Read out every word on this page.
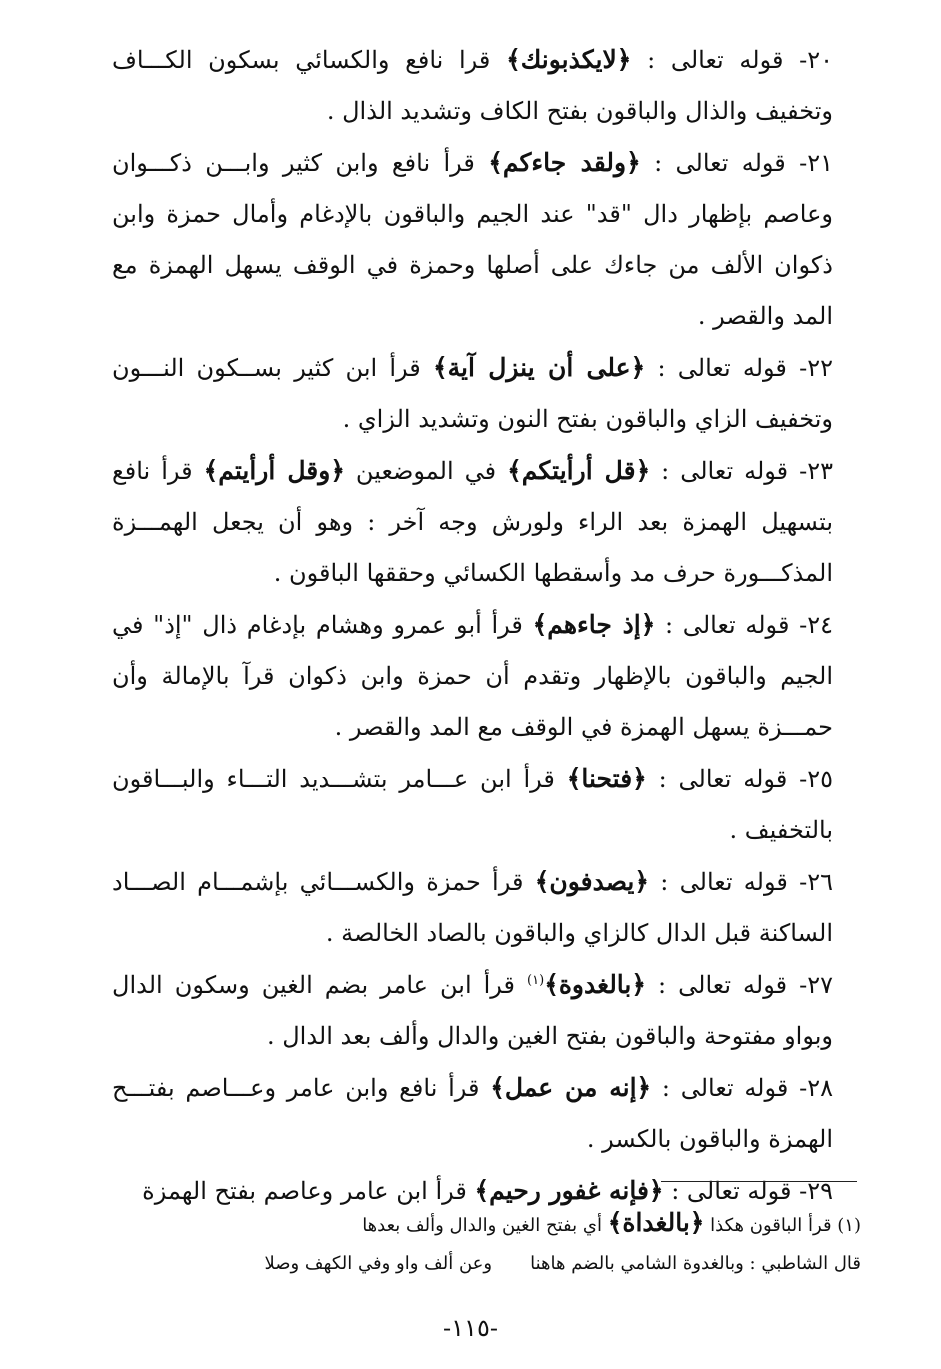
٢٠- قوله تعالى : ﴿لايكذبونك﴾ قرا نافع والكسائي بسكون الكـــاف وتخفيف والذال والباقون بفتح الكاف وتشديد الذال .

٢١- قوله تعالى : ﴿ولقد جاءكم﴾ قرأ نافع وابن كثير وابـــن ذكـــوان وعاصم بإظهار دال "قد" عند الجيم والباقون بالإدغام وأمال حمزة وابن ذكوان الألف من جاءك على أصلها وحمزة في الوقف يسهل الهمزة مع المد والقصر .

٢٢- قوله تعالى : ﴿على أن ينزل آية﴾ قرأ ابن كثير بســكون النـــون وتخفيف الزاي والباقون بفتح النون وتشديد الزاي .

٢٣- قوله تعالى : ﴿قل أرأيتكم﴾ في الموضعين ﴿وقل أرأيتم﴾ قرأ نافع بتسهيل الهمزة بعد الراء ولورش وجه آخر : وهو أن يجعل الهمـــزة المذكـــورة حرف مد وأسقطها الكسائي وحققها الباقون .

٢٤- قوله تعالى : ﴿إذ جاءهم﴾ قرأ أبو عمرو وهشام بإدغام ذال "إذ" في الجيم والباقون بالإظهار وتقدم أن حمزة وابن ذكوان قرآ بالإمالة وأن حمـــزة يسهل الهمزة في الوقف مع المد والقصر .

٢٥- قوله تعالى : ﴿فتحنا﴾ قرأ ابن عـــامر بتشـــديد التـــاء والبـــاقون بالتخفيف .

٢٦- قوله تعالى : ﴿يصدفون﴾ قرأ حمزة والكســـائي بإشمـــام الصـــاد الساكنة قبل الدال كالزاي والباقون بالصاد الخالصة .

٢٧- قوله تعالى : ﴿بالغدوة﴾$^{(١)}$ قرأ ابن عامر بضم الغين وسكون الدال وبواو مفتوحة والباقون بفتح الغين والدال وألف بعد الدال .

٢٨- قوله تعالى : ﴿إنه من عمل﴾ قرأ نافع وابن عامر وعـــاصم بفتـــح الهمزة والباقون بالكسر .

٢٩- قوله تعالى : ﴿فإنه غفور رحيم﴾ قرأ ابن عامر وعاصم بفتح الهمزة

(١) قرأ الباقون هكذا ﴿بالغداة﴾ أي بفتح الغين والدال وألف بعدها

قال الشاطبي : وبالغدوة الشامي بالضم هاهناوعن ألف واو وفي الكهف وصلا

-١١٥-
